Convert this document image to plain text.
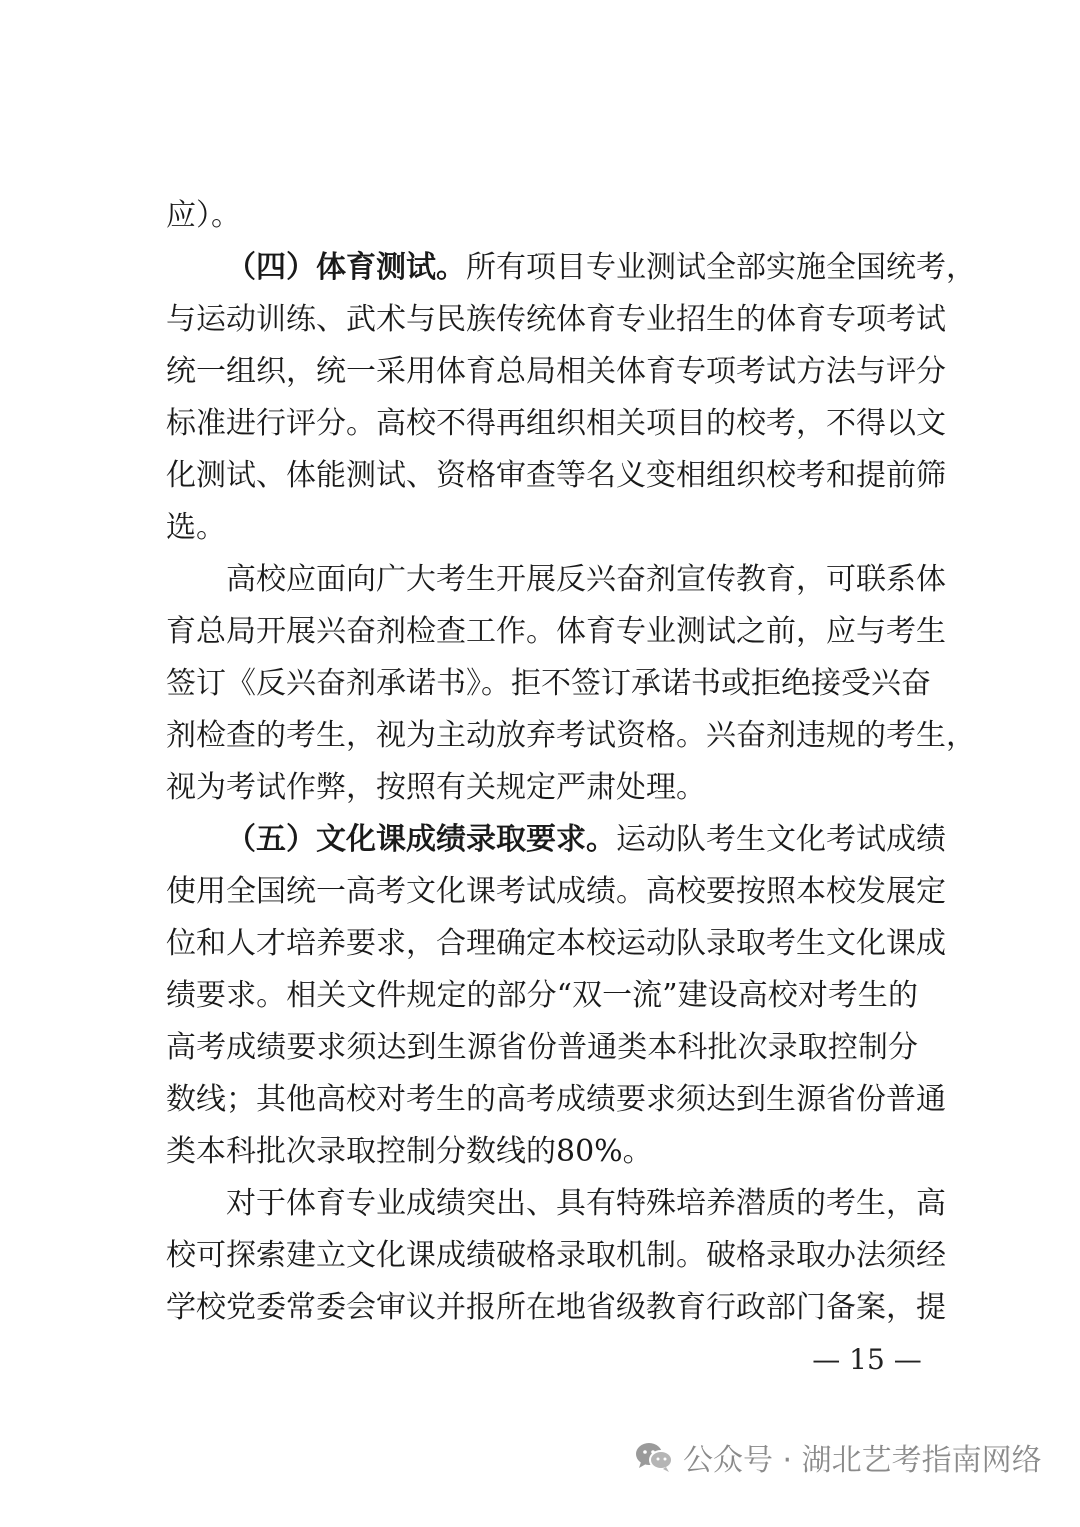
应）。
（四）体育测试。所有项目专业测试全部实施全国统考，
与运动训练、武术与民族传统体育专业招生的体育专项考试
统一组织，统一采用体育总局相关体育专项考试方法与评分
标准进行评分。高校不得再组织相关项目的校考，不得以文
化测试、体能测试、资格审查等名义变相组织校考和提前筛
选。
高校应面向广大考生开展反兴奋剂宣传教育，可联系体
育总局开展兴奋剂检查工作。体育专业测试之前，应与考生
签订《反兴奋剂承诺书》。拒不签订承诺书或拒绝接受兴奋
剂检查的考生，视为主动放弃考试资格。兴奋剂违规的考生，
视为考试作弊，按照有关规定严肃处理。
（五）文化课成绩录取要求。运动队考生文化考试成绩
使用全国统一高考文化课考试成绩。高校要按照本校发展定
位和人才培养要求，合理确定本校运动队录取考生文化课成
绩要求。相关文件规定的部分“双一流”建设高校对考生的
高考成绩要求须达到生源省份普通类本科批次录取控制分
数线；其他高校对考生的高考成绩要求须达到生源省份普通
类本科批次录取控制分数线的80%。
对于体育专业成绩突出、具有特殊培养潜质的考生，高
校可探索建立文化课成绩破格录取机制。破格录取办法须经
学校党委常委会审议并报所在地省级教育行政部门备案，提
— 15 —
公众号 · 湖北艺考指南网络
